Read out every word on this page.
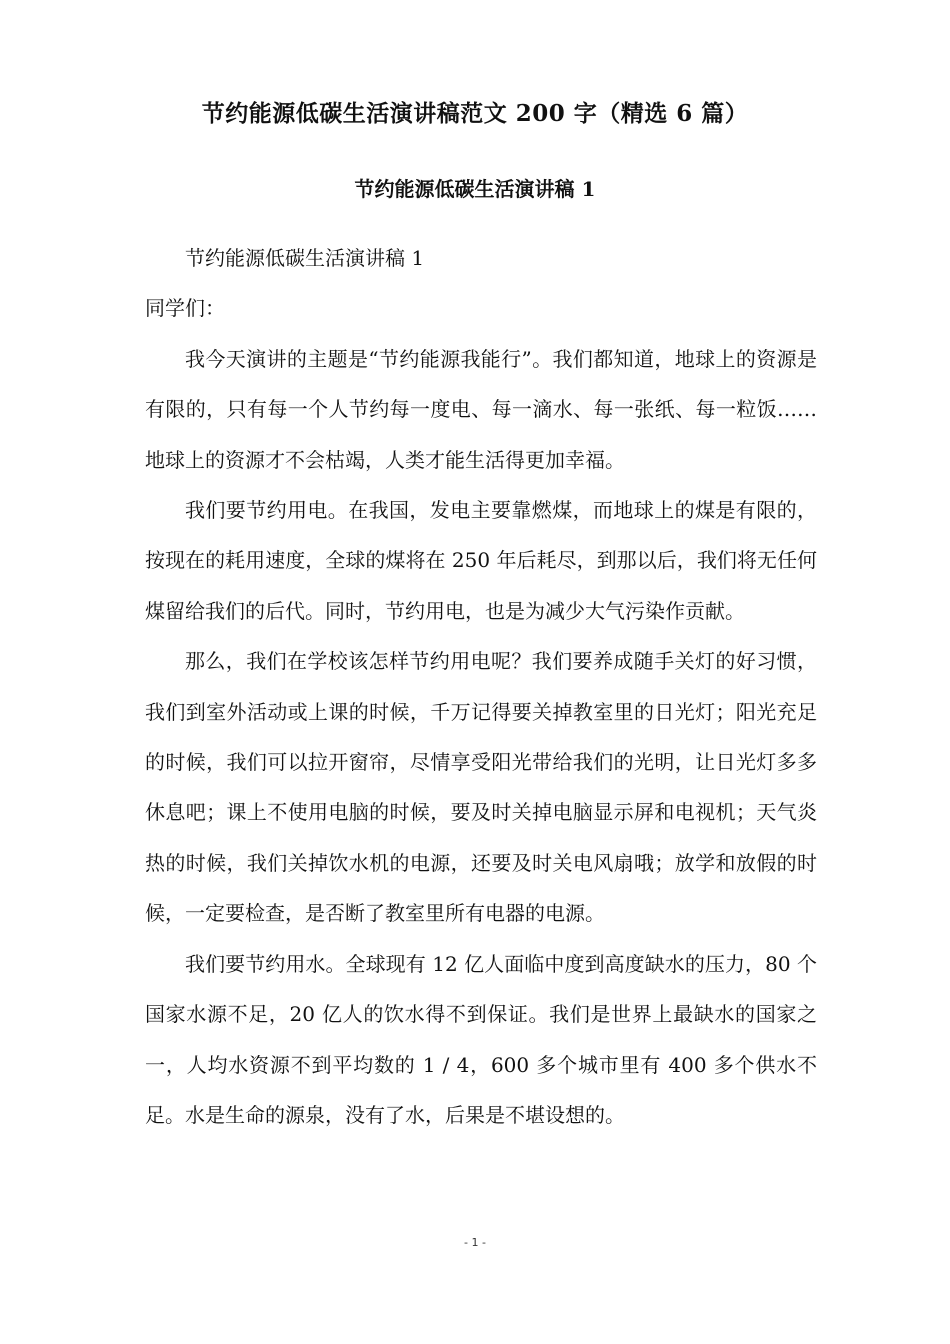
节约能源低碳生活演讲稿范文 200 字（精选 6 篇）
节约能源低碳生活演讲稿 1

节约能源低碳生活演讲稿 1

同学们：

我今天演讲的主题是“节约能源我能行”。我们都知道，地球上的资源是有限的，只有每一个人节约每一度电、每一滴水、每一张纸、每一粒饭……地球上的资源才不会枯竭，人类才能生活得更加幸福。

我们要节约用电。在我国，发电主要靠燃煤，而地球上的煤是有限的，按现在的耗用速度，全球的煤将在 250 年后耗尽，到那以后，我们将无任何煤留给我们的后代。同时，节约用电，也是为减少大气污染作贡献。

那么，我们在学校该怎样节约用电呢？我们要养成随手关灯的好习惯，我们到室外活动或上课的时候，千万记得要关掉教室里的日光灯；阳光充足的时候，我们可以拉开窗帘，尽情享受阳光带给我们的光明，让日光灯多多休息吧；课上不使用电脑的时候，要及时关掉电脑显示屏和电视机；天气炎热的时候，我们关掉饮水机的电源，还要及时关电风扇哦；放学和放假的时候，一定要检查，是否断了教室里所有电器的电源。

我们要节约用水。全球现有 12 亿人面临中度到高度缺水的压力，80 个国家水源不足，20 亿人的饮水得不到保证。我们是世界上最缺水的国家之一，人均水资源不到平均数的 1 / 4，600 多个城市里有 400 多个供水不足。水是生命的源泉，没有了水，后果是不堪设想的。

- 1 -
